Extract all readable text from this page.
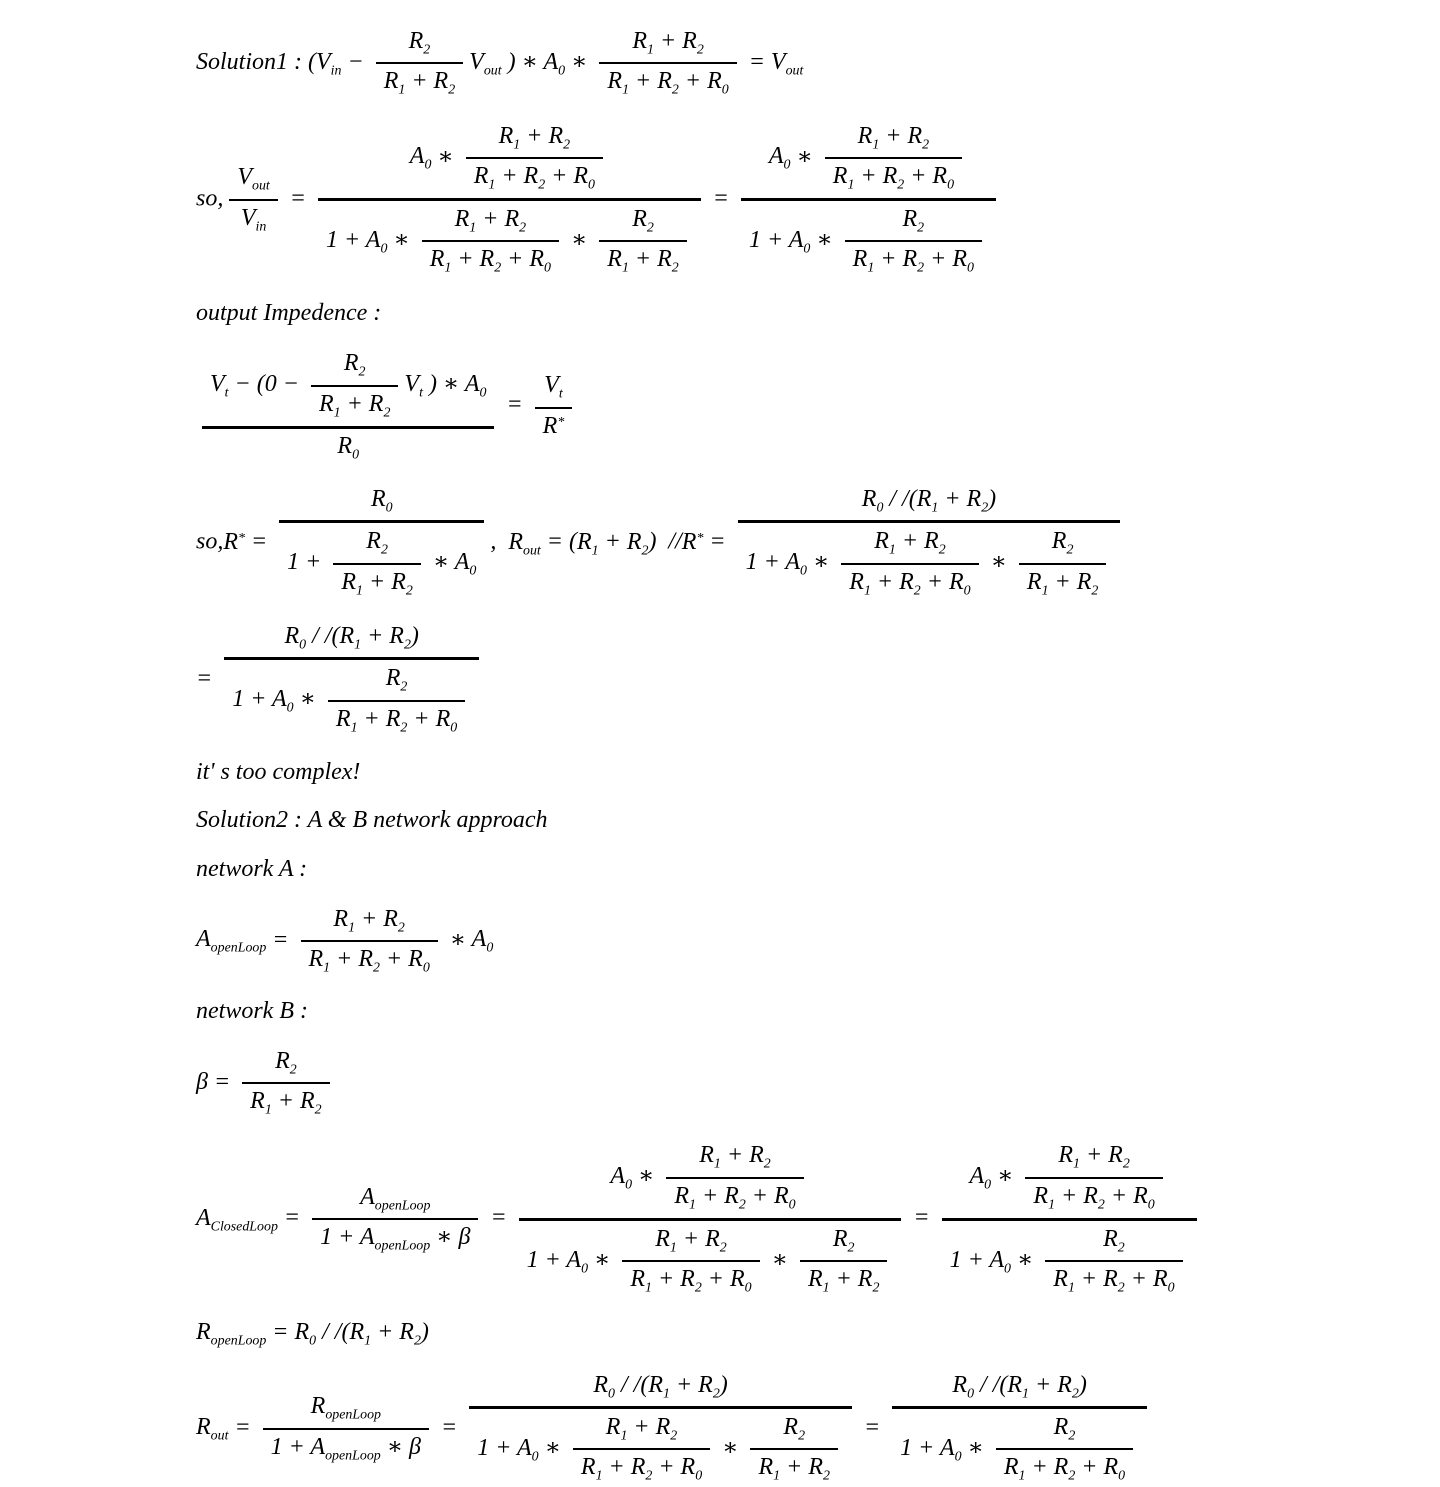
Solution1 : ($V_{in} - \frac{R_2}{R_1 + R_2} V_{out}$ ) ∗ $A_0$ ∗ $\frac{R_1 + R_2}{R_1 + R_2 + R_0} = V_{out}$
so, $\frac{V_{out}}{V_{in}} = \frac{A_0 ∗ \frac{R_1 + R_2}{R_1 + R_2 + R_0}}{1 + A_0 ∗ \frac{R_1 + R_2}{R_1 + R_2 + R_0} ∗ \frac{R_2}{R_1 + R_2}} = \frac{A_0 ∗ \frac{R_1 + R_2}{R_1 + R_2 + R_0}}{1 + A_0 ∗ \frac{R_2}{R_1 + R_2 + R_0}}$
output Impedence :
$\frac{V_t - (0 - \frac{R_2}{R_1 + R_2} V_t ) ∗ A_0}{R_0} = \frac{V_t}{R^*}$
$so,R^* = \frac{R_0}{1 + \frac{R_2}{R_1 + R_2} ∗ A_0}$ ,  $R_{out} = (R_1 + R_2) //R^* = \frac{R_0 / /(R_1 + R_2)}{1 + A_0 ∗ \frac{R_1 + R_2}{R_1 + R_2 + R_0} ∗ \frac{R_2}{R_1 + R_2}}$
= $\frac{R_0 / /(R_1 + R_2)}{1 + A_0 ∗ \frac{R_2}{R_1 + R_2 + R_0}}$
it' s too complex!
Solution2 : A & B network approach
network A :
$A_{openLoop} = \frac{R_1 + R_2}{R_1 + R_2 + R_0}$ ∗ $A_0$
network B :
$\beta = \frac{R_2}{R_1 + R_2}$
$A_{ClosedLoop} = \frac{A_{openLoop}}{1 + A_{openLoop} ∗ \beta} = \frac{A_0 ∗ \frac{R_1 + R_2}{R_1 + R_2 + R_0}}{1 + A_0 ∗ \frac{R_1 + R_2}{R_1 + R_2 + R_0} ∗ \frac{R_2}{R_1 + R_2}} = \frac{A_0 ∗ \frac{R_1 + R_2}{R_1 + R_2 + R_0}}{1 + A_0 ∗ \frac{R_2}{R_1 + R_2 + R_0}}$
$R_{openLoop} = R_0 / /(R_1 + R_2)$
$R_{out} = \frac{R_{openLoop}}{1 + A_{openLoop} ∗ \beta} = \frac{R_0 / /(R_1 + R_2)}{1 + A_0 ∗ \frac{R_1 + R_2}{R_1 + R_2 + R_0} ∗ \frac{R_2}{R_1 + R_2}} = \frac{R_0 / /(R_1 + R_2)}{1 + A_0 ∗ \frac{R_2}{R_1 + R_2 + R_0}}$
